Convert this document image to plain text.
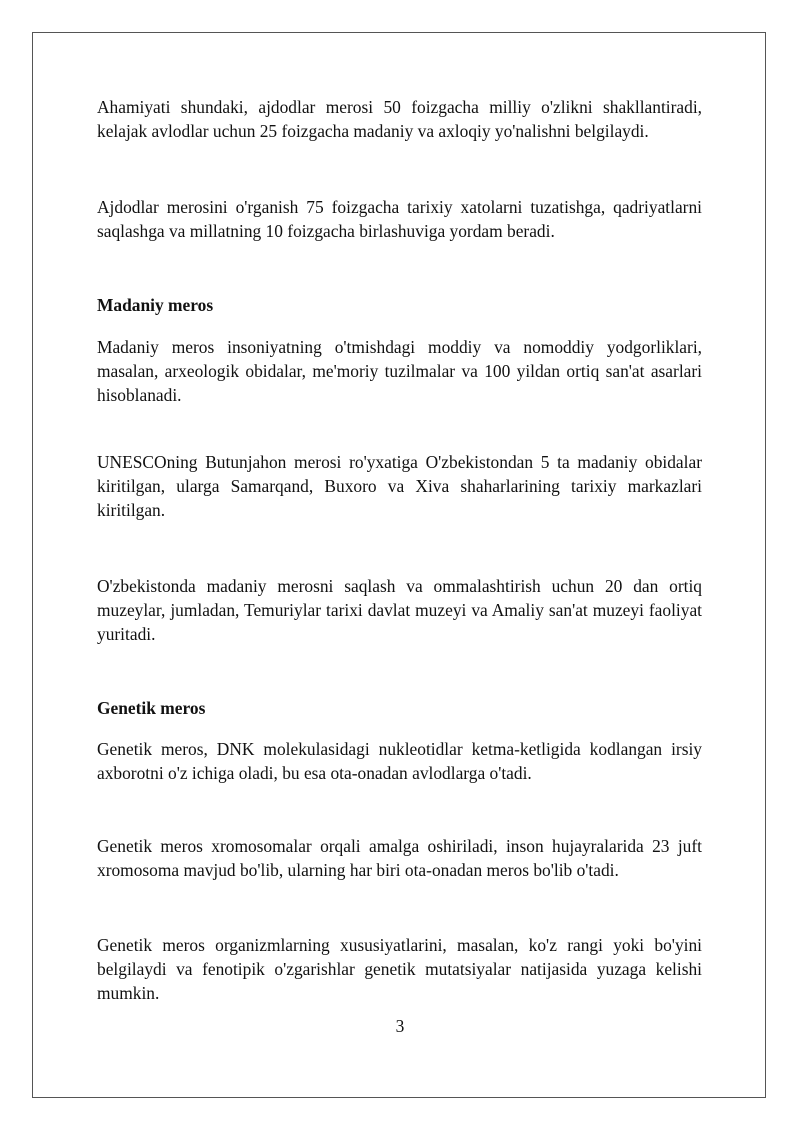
Ahamiyati shundaki, ajdodlar merosi 50 foizgacha milliy o'zlikni shakllantiradi, kelajak avlodlar uchun 25 foizgacha madaniy va axloqiy yo'nalishni belgilaydi.

Ajdodlar merosini o'rganish 75 foizgacha tarixiy xatolarni tuzatishga, qadriyatlarni saqlashga va millatning 10 foizgacha birlashuviga yordam beradi.

Madaniy meros

Madaniy meros insoniyatning o'tmishdagi moddiy va nomoddiy yodgorliklari, masalan, arxeologik obidalar, me'moriy tuzilmalar va 100 yildan ortiq san'at asarlari hisoblanadi.

UNESCOning Butunjahon merosi ro'yxatiga O'zbekistondan 5 ta madaniy obidalar kiritilgan, ularga Samarqand, Buxoro va Xiva shaharlarining tarixiy markazlari kiritilgan.

O'zbekistonda madaniy merosni saqlash va ommalashtirish uchun 20 dan ortiq muzeylar, jumladan, Temuriylar tarixi davlat muzeyi va Amaliy san'at muzeyi faoliyat yuritadi.

Genetik meros

Genetik meros, DNK molekulasidagi nukleotidlar ketma-ketligida kodlangan irsiy axborotni o'z ichiga oladi, bu esa ota-onadan avlodlarga o'tadi.

Genetik meros xromosomalar orqali amalga oshiriladi, inson hujayralarida 23 juft xromosoma mavjud bo'lib, ularning har biri ota-onadan meros bo'lib o'tadi.

Genetik meros organizmlarning xususiyatlarini, masalan, ko'z rangi yoki bo'yini belgilaydi va fenotipik o'zgarishlar genetik mutatsiyalar natijasida yuzaga kelishi mumkin.

3
